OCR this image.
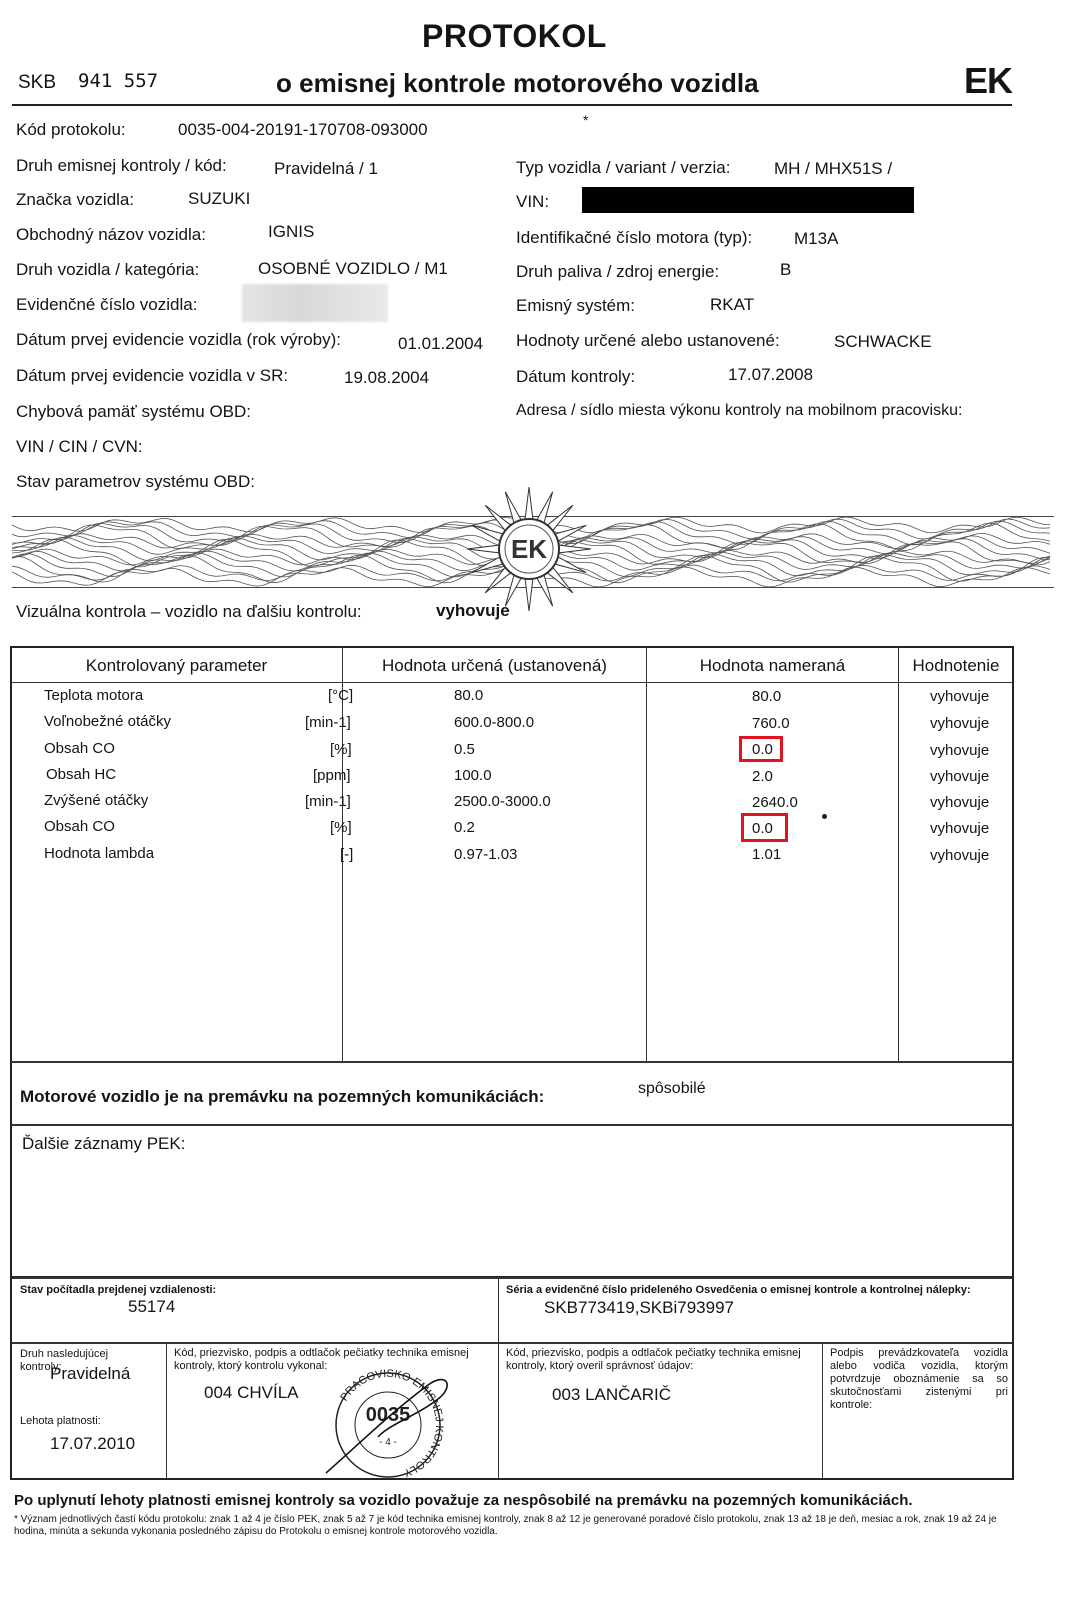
PROTOKOL
SKB 941 557	o emisnej kontrole motorového vozidla	EK
Kód protokolu:	0035-004-20191-170708-093000
Druh emisnej kontroly / kód:	Pravidelná / 1
Značka vozidla:	SUZUKI
Obchodný názov vozidla:	IGNIS
Druh vozidla / kategória:	OSOBNÉ VOZIDLO / M1
Evidenčné číslo vozidla:
Dátum prvej evidencie vozidla (rok výroby):	01.01.2004
Dátum prvej evidencie vozidla v SR:	19.08.2004
Chybová pamäť systému OBD:
VIN / CIN / CVN:
Stav parametrov systému OBD:
Typ vozidla / variant / verzia:	MH / MHX51S /
VIN:
Identifikačné číslo motora (typ): M13A
Druh paliva / zdroj energie:	B
Emisný systém:	RKAT
Hodnoty určené alebo ustanovené:	SCHWACKE
Dátum kontroly:	17.07.2008
Adresa / sídlo miesta výkonu kontroly na mobilnom pracovisku:
*
EK
Vizuálna kontrola – vozidlo na ďalšiu kontrolu:	vyhovuje
Kontrolovaný parameter	Hodnota určená (ustanovená)	Hodnota nameraná	Hodnotenie
Teplota motora	[°C]	80.0	80.0	vyhovuje
Voľnobežné otáčky	[min-1]	600.0-800.0	760.0	vyhovuje
Obsah CO	[%]	0.5	0.0	vyhovuje
Obsah HC	[ppm]	100.0	2.0	vyhovuje
Zvýšené otáčky	[min-1]	2500.0-3000.0	2640.0	vyhovuje
Obsah CO	[%]	0.2	0.0	vyhovuje
Hodnota lambda	[-]	0.97-1.03	1.01	vyhovuje
Motorové vozidlo je na premávku na pozemných komunikáciách:	spôsobilé
Ďalšie záznamy PEK:
Stav počítadla prejdenej vzdialenosti:
55174
Séria a evidenčné číslo prideleného Osvedčenia o emisnej kontrole a kontrolnej nálepky:
SKB773419,SKBi793997
Druh nasledujúcej kontroly:
Pravidelná
Lehota platnosti:
17.07.2010
Kód, priezvisko, podpis a odtlačok pečiatky technika emisnej kontroly, ktorý kontrolu vykonal:
004 CHVÍLA
Kód, priezvisko, podpis a odtlačok pečiatky technika emisnej kontroly, ktorý overil správnosť údajov:
003 LANČARIČ
Podpis prevádzkovateľa vozidla alebo vodiča vozidla, ktorým potvrdzuje oboznámenie sa so skutočnosťami zistenými pri kontrole:
PRACOVISKO EMISNEJ KONTROLY
0035
- 4 -
Po uplynutí lehoty platnosti emisnej kontroly sa vozidlo považuje za nespôsobilé na premávku na pozemných komunikáciách.
* Význam jednotlivých častí kódu protokolu: znak 1 až 4 je číslo PEK, znak 5 až 7 je kód technika emisnej kontroly, znak 8 až 12 je generované poradové číslo protokolu, znak 13 až 18 je deň, mesiac a rok, znak 19 až 24 je hodina, minúta a sekunda vykonania posledného zápisu do Protokolu o emisnej kontrole motorového vozidla.
